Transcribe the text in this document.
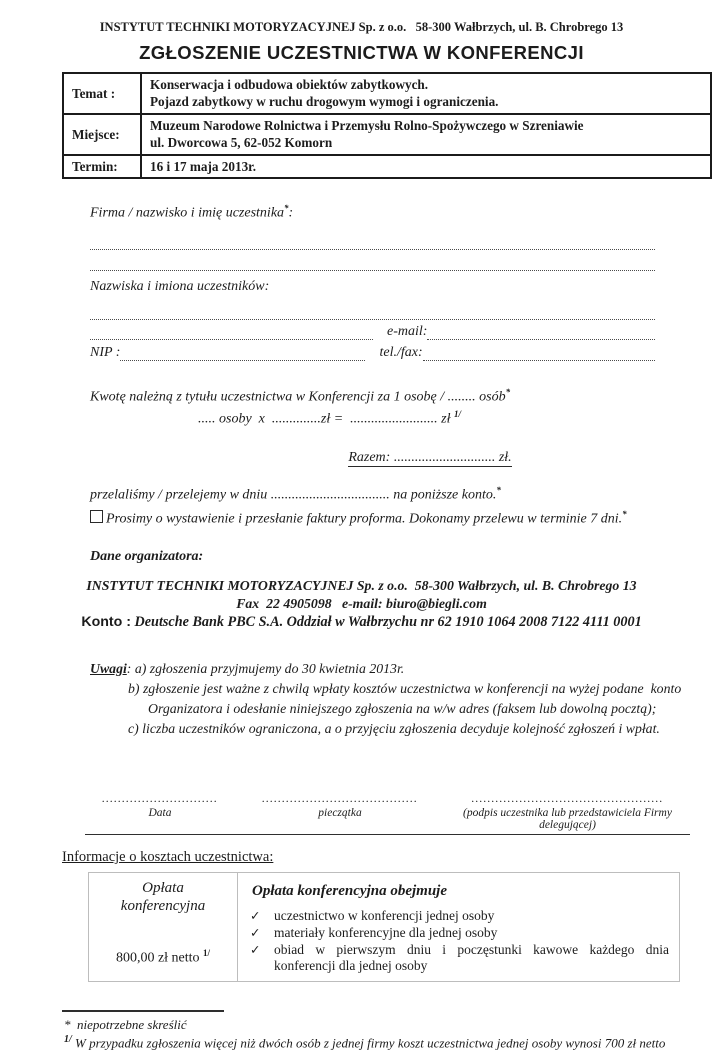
INSTYTUT TECHNIKI MOTORYZACYJNEJ Sp. z o.o.   58-300 Wałbrzych, ul. B. Chrobrego 13
ZGŁOSZENIE UCZESTNICTWA W KONFERENCJI
Temat :	Konserwacja i odbudowa obiektów zabytkowych.
Pojazd zabytkowy w ruchu drogowym wymogi i ograniczenia.

Miejsce:	Muzeum Narodowe Rolnictwa i Przemysłu Rolno-Spożywczego w Szreniawie
ul. Dworcowa 5, 62-052 Komorn

Termin:	16 i 17 maja 2013r.
Firma / nazwisko i imię uczestnika*:
Nazwiska i imiona uczestników:
e-mail:
NIP :	tel./fax:
Kwotę należną z tytułu uczestnictwa w Konferencji za 1 osobę / ........ osób*
..... osoby  x  ..............zł =  ......................... zł $^{1/}$
Razem: ............................. zł.
przelaliśmy / przelejemy w dniu .................................. na poniższe konto.*
Prosimy o wystawienie i przesłanie faktury proforma. Dokonamy przelewu w terminie 7 dni.*
Dane organizatora:
INSTYTUT TECHNIKI MOTORYZACYJNEJ Sp. z o.o.  58-300 Wałbrzych, ul. B. Chrobrego 13
Fax  22 4905098   e-mail: biuro@biegli.com
Konto : Deutsche Bank PBC S.A. Oddział w Wałbrzychu nr 62 1910 1064 2008 7122 4111 0001
Uwagi: a) zgłoszenia przyjmujemy do 30 kwietnia 2013r.
b) zgłoszenie jest ważne z chwilą wpłaty kosztów uczestnictwa w konferencji na wyżej podane  konto
Organizatora i odesłanie niniejszego zgłoszenia na w/w adres (faksem lub dowolną pocztą);
c) liczba uczestników ograniczona, a o przyjęciu zgłoszenia decyduje kolejność zgłoszeń i wpłat.
.............................	.......................................	................................................
Data	pieczątka	(podpis uczestnika lub przedstawiciela Firmy delegującej)
Informacje o kosztach uczestnictwa:
Opłata
konferencyjna
800,00 zł netto $^{1/}$

Opłata konferencyjna obejmuje
✓	uczestnictwo w konferencji jednej osoby
✓	materiały konferencyjne dla jednej osoby
✓	obiad w pierwszym dniu i poczęstunki kawowe każdego dnia konferencji dla jednej osoby
*  niepotrzebne skreślić
$^{1/}$ W przypadku zgłoszenia więcej niż dwóch osób z jednej firmy koszt uczestnictwa jednej osoby wynosi 700 zł netto
